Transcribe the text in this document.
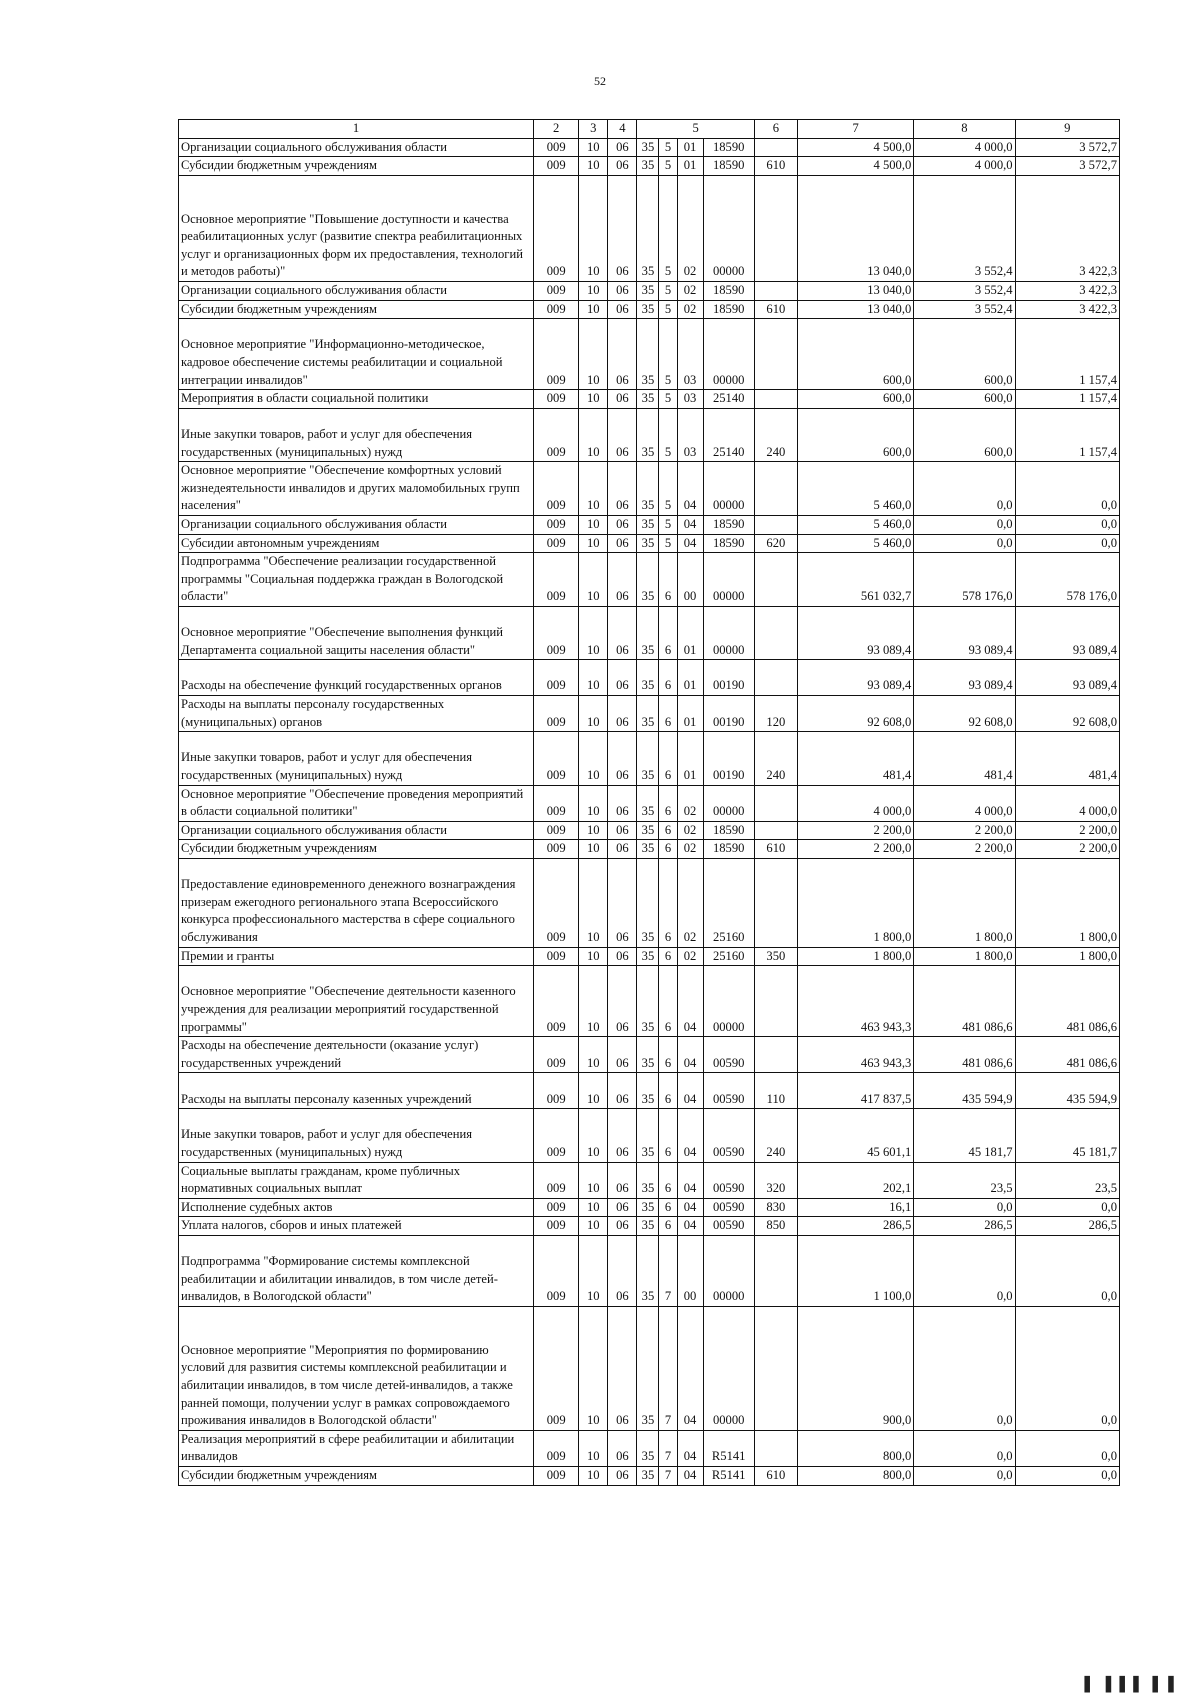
52
1	2	3	4	5				6	7	8	9
Организации социального обслуживания области	009	10	06	35	5	01	18590		4 500,0	4 000,0	3 572,7
Субсидии бюджетным учреждениям	009	10	06	35	5	01	18590	610	4 500,0	4 000,0	3 572,7
Основное мероприятие "Повышение доступности и качества реабилитационных услуг (развитие спектра реабилитационных услуг и организационных форм их предоставления, технологий и методов работы)"	009	10	06	35	5	02	00000		13 040,0	3 552,4	3 422,3
Организации социального обслуживания области	009	10	06	35	5	02	18590		13 040,0	3 552,4	3 422,3
Субсидии бюджетным учреждениям	009	10	06	35	5	02	18590	610	13 040,0	3 552,4	3 422,3
Основное мероприятие "Информационно-методическое, кадровое обеспечение системы реабилитации и социальной интеграции инвалидов"	009	10	06	35	5	03	00000		600,0	600,0	1 157,4
Мероприятия в области социальной политики	009	10	06	35	5	03	25140		600,0	600,0	1 157,4
Иные закупки товаров, работ и услуг для обеспечения государственных (муниципальных) нужд	009	10	06	35	5	03	25140	240	600,0	600,0	1 157,4
Основное мероприятие "Обеспечение комфортных условий жизнедеятельности инвалидов и других маломобильных групп населения"	009	10	06	35	5	04	00000		5 460,0	0,0	0,0
Организации социального обслуживания области	009	10	06	35	5	04	18590		5 460,0	0,0	0,0
Субсидии автономным учреждениям	009	10	06	35	5	04	18590	620	5 460,0	0,0	0,0
Подпрограмма "Обеспечение реализации государственной программы "Социальная поддержка граждан в Вологодской области"	009	10	06	35	6	00	00000		561 032,7	578 176,0	578 176,0
Основное мероприятие "Обеспечение выполнения функций Департамента социальной защиты населения области"	009	10	06	35	6	01	00000		93 089,4	93 089,4	93 089,4
Расходы на обеспечение функций государственных органов	009	10	06	35	6	01	00190		93 089,4	93 089,4	93 089,4
Расходы на выплаты персоналу государственных (муниципальных) органов	009	10	06	35	6	01	00190	120	92 608,0	92 608,0	92 608,0
Иные закупки товаров, работ и услуг для обеспечения государственных (муниципальных) нужд	009	10	06	35	6	01	00190	240	481,4	481,4	481,4
Основное мероприятие "Обеспечение проведения мероприятий в области социальной политики"	009	10	06	35	6	02	00000		4 000,0	4 000,0	4 000,0
Организации социального обслуживания области	009	10	06	35	6	02	18590		2 200,0	2 200,0	2 200,0
Субсидии бюджетным учреждениям	009	10	06	35	6	02	18590	610	2 200,0	2 200,0	2 200,0
Предоставление единовременного денежного вознаграждения призерам ежегодного регионального этапа Всероссийского конкурса профессионального мастерства в сфере социального обслуживания	009	10	06	35	6	02	25160		1 800,0	1 800,0	1 800,0
Премии и гранты	009	10	06	35	6	02	25160	350	1 800,0	1 800,0	1 800,0
Основное мероприятие "Обеспечение деятельности казенного учреждения для реализации мероприятий государственной программы"	009	10	06	35	6	04	00000		463 943,3	481 086,6	481 086,6
Расходы на обеспечение деятельности (оказание услуг) государственных учреждений	009	10	06	35	6	04	00590		463 943,3	481 086,6	481 086,6
Расходы на выплаты персоналу казенных учреждений	009	10	06	35	6	04	00590	110	417 837,5	435 594,9	435 594,9
Иные закупки товаров, работ и услуг для обеспечения государственных (муниципальных) нужд	009	10	06	35	6	04	00590	240	45 601,1	45 181,7	45 181,7
Социальные выплаты гражданам, кроме публичных нормативных социальных выплат	009	10	06	35	6	04	00590	320	202,1	23,5	23,5
Исполнение судебных актов	009	10	06	35	6	04	00590	830	16,1	0,0	0,0
Уплата налогов, сборов и иных платежей	009	10	06	35	6	04	00590	850	286,5	286,5	286,5
Подпрограмма "Формирование системы комплексной реабилитации и абилитации инвалидов, в том числе детей-инвалидов, в Вологодской области"	009	10	06	35	7	00	00000		1 100,0	0,0	0,0
Основное мероприятие "Мероприятия по формированию условий для развития системы комплексной реабилитации и абилитации инвалидов, в том числе детей-инвалидов, а также ранней помощи, получении услуг в рамках сопровождаемого проживания инвалидов в Вологодской области"	009	10	06	35	7	04	00000		900,0	0,0	0,0
Реализация мероприятий в сфере реабилитации и абилитации инвалидов	009	10	06	35	7	04	R5141		800,0	0,0	0,0
Субсидии бюджетным учреждениям	009	10	06	35	7	04	R5141	610	800,0	0,0	0,0
▌ ▌▌▌▐ ▌
